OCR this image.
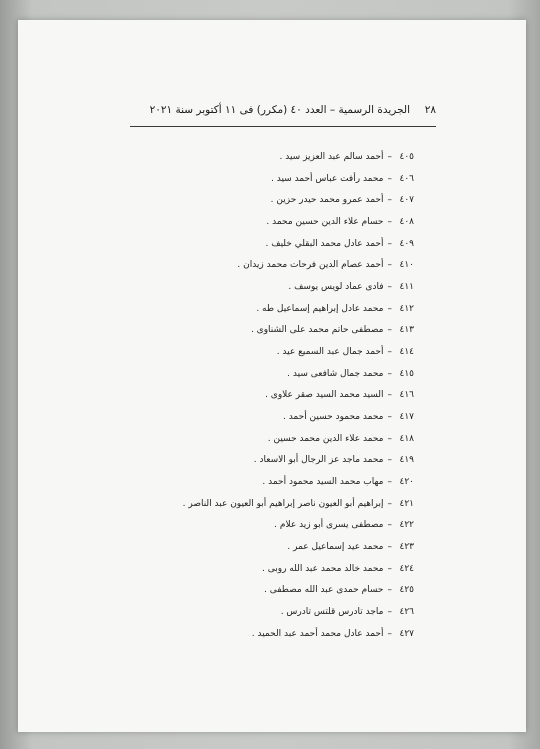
٢٨
الجريدة الرسمية – العدد ٤٠ (مكرر) فى ١١ أكتوبر سنة ٢٠٢١
٤٠٥–أحمد سالم عبد العزيز سيد .
٤٠٦–محمد رأفت عباس أحمد سيد .
٤٠٧–أحمد عمرو محمد حيدر حزين .
٤٠٨–حسام علاء الدين حسين محمد .
٤٠٩–أحمد عادل محمد البقلي خليف .
٤١٠–أحمد عصام الدين فرحات محمد زيدان .
٤١١–فادى عماد لويس يوسف .
٤١٢–محمد عادل إبراهيم إسماعيل طه .
٤١٣–مصطفى حاتم محمد على الشناوى .
٤١٤–أحمد جمال عبد السميع عيد .
٤١٥–محمد جمال شافعى سيد .
٤١٦–السيد محمد السيد صقر علاوى .
٤١٧–محمد محمود حسين أحمد .
٤١٨–محمد علاء الدين محمد حسين .
٤١٩–محمد ماجد عز الرجال أبو الاسعاد .
٤٢٠–مهاب محمد السيد محمود أحمد .
٤٢١–إبراهيم أبو العيون ناصر إبراهيم أبو العيون عبد الناصر .
٤٢٢–مصطفى يسرى أبو زيد علام .
٤٢٣–محمد عيد إسماعيل عمر .
٤٢٤–محمد خالد محمد عبد الله روبى .
٤٢٥–حسام حمدى عبد الله مصطفى .
٤٢٦–ماجد تادرس قلتس تادرس .
٤٢٧–أحمد عادل محمد أحمد عبد الحميد .
